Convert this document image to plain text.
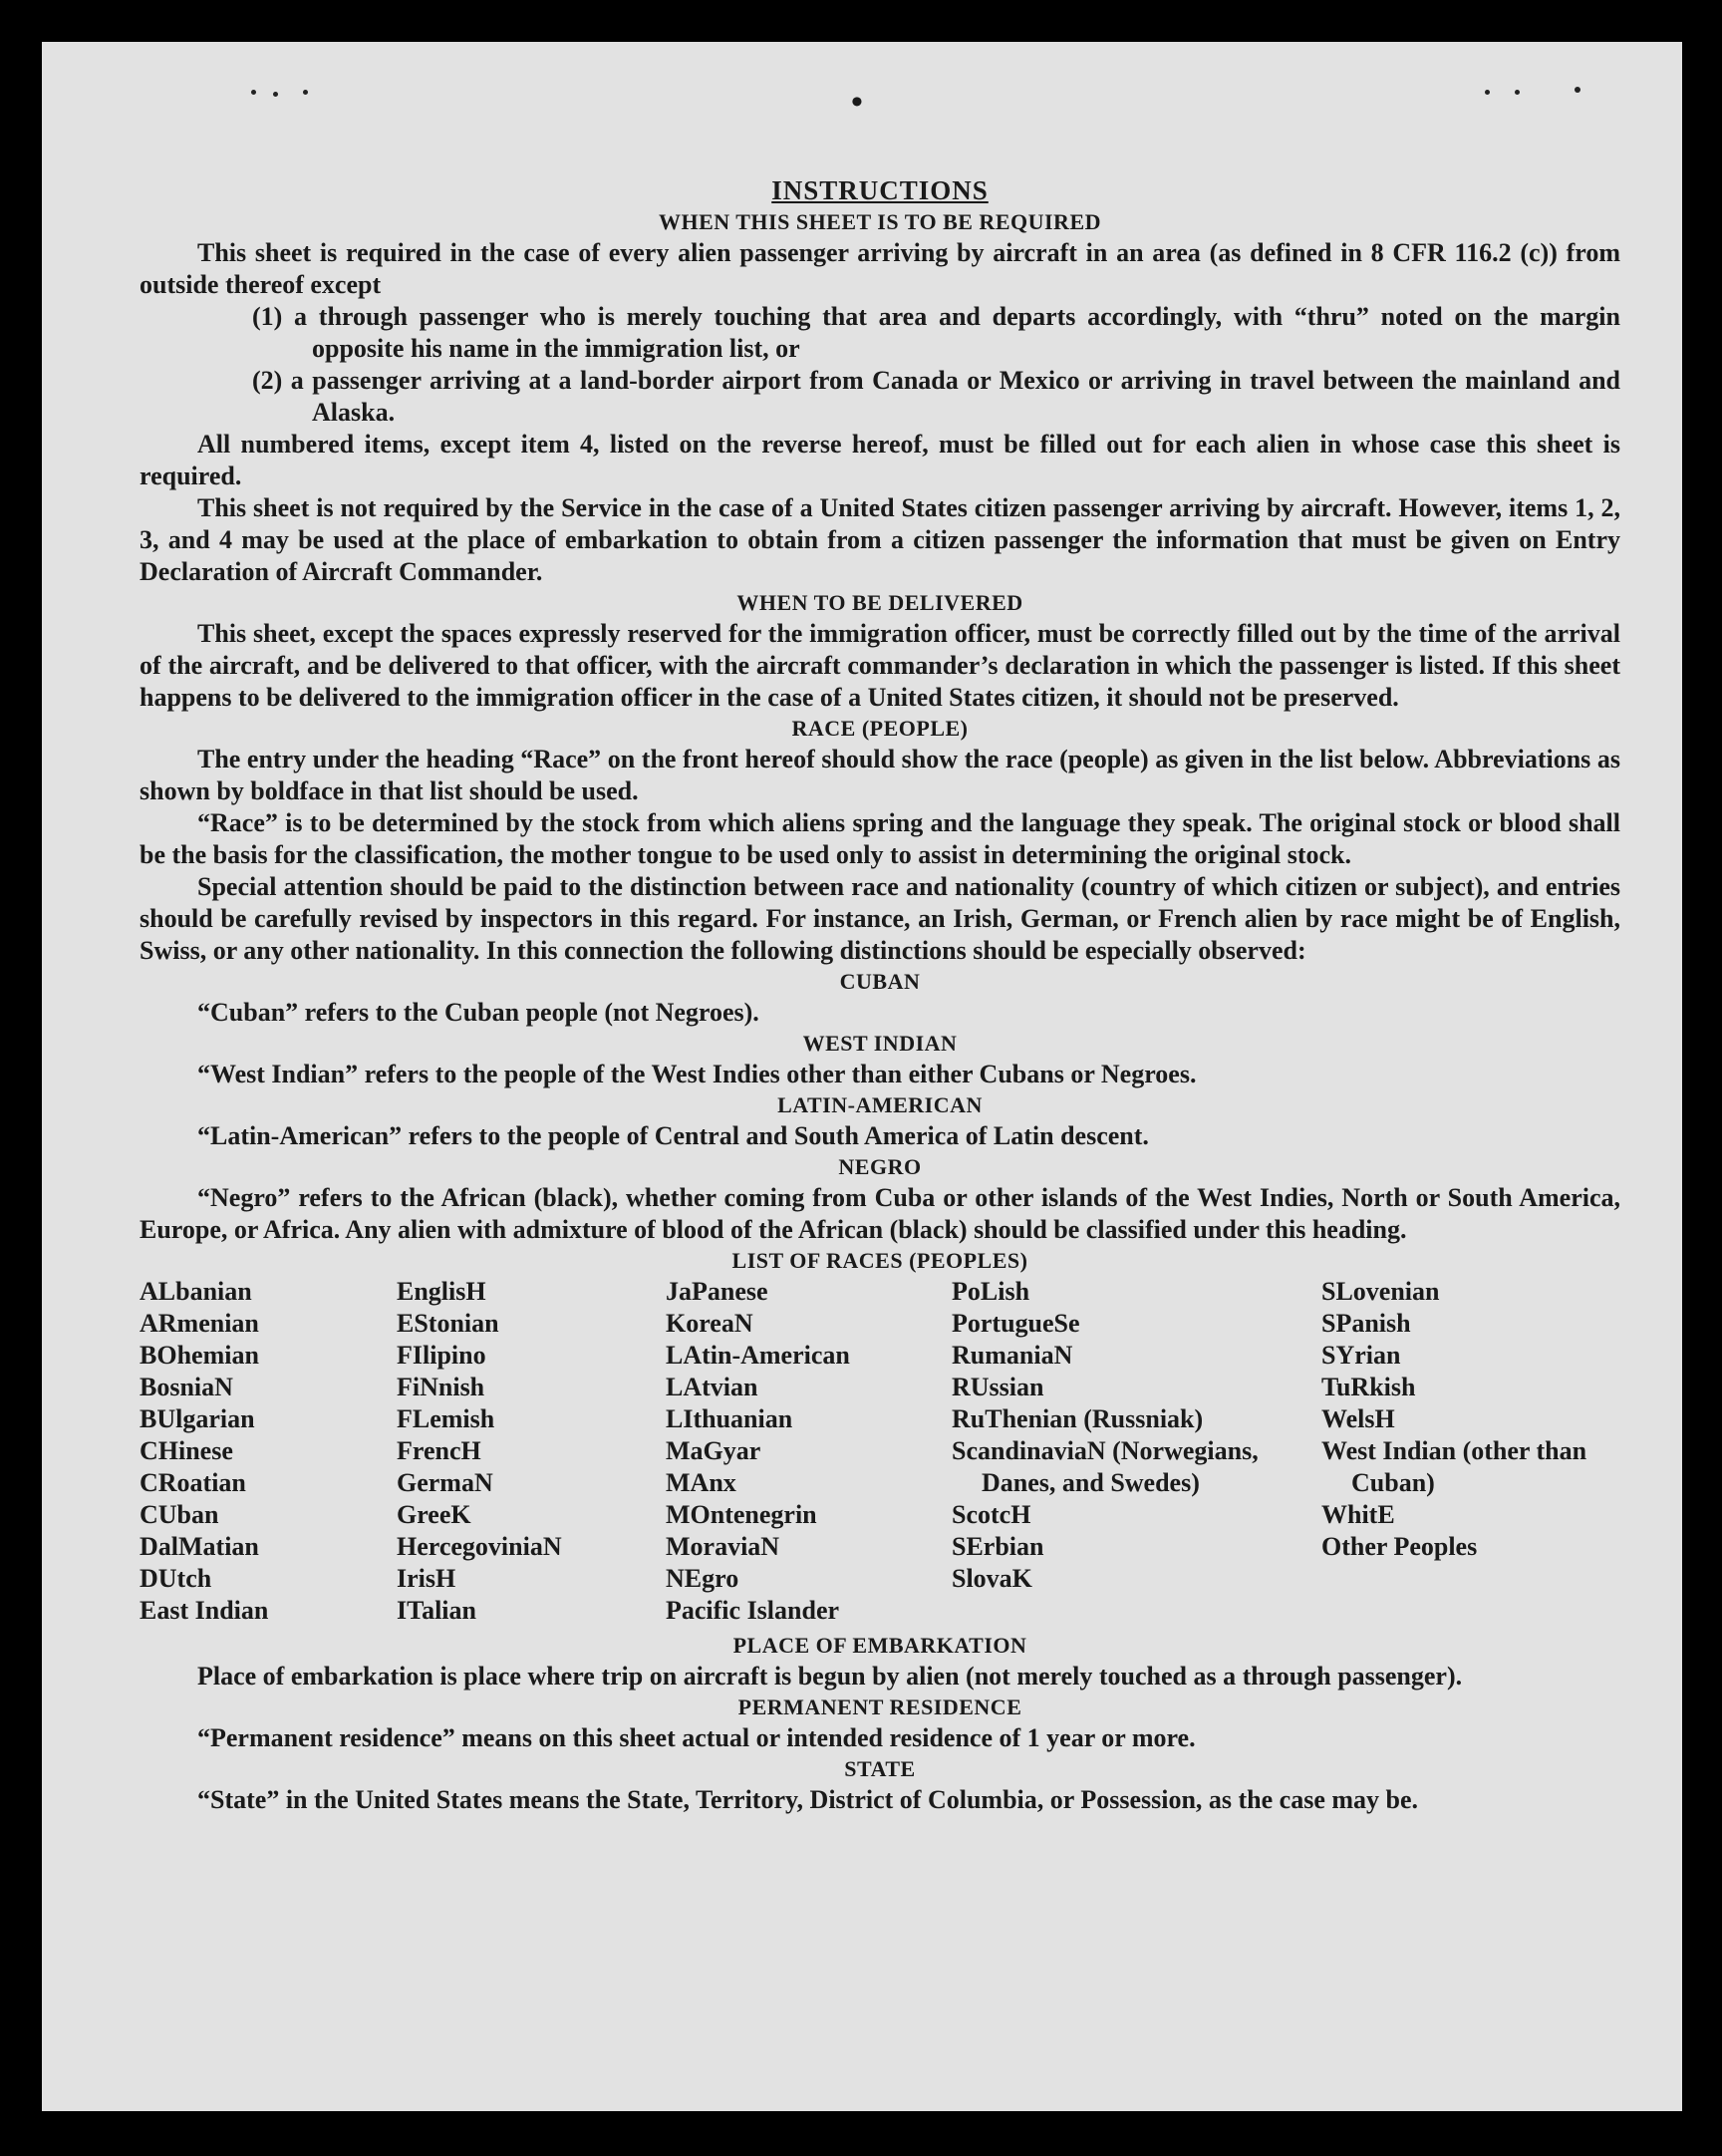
•
INSTRUCTIONS
WHEN THIS SHEET IS TO BE REQUIRED

This sheet is required in the case of every alien passenger arriving by aircraft in an area (as defined in 8 CFR 116.2 (c)) from outside thereof except

(1) a through passenger who is merely touching that area and departs accordingly, with “thru” noted on the margin opposite his name in the immigration list, or

(2) a passenger arriving at a land-border airport from Canada or Mexico or arriving in travel between the mainland and Alaska.

All numbered items, except item 4, listed on the reverse hereof, must be filled out for each alien in whose case this sheet is required.

This sheet is not required by the Service in the case of a United States citizen passenger arriving by aircraft. However, items 1, 2, 3, and 4 may be used at the place of embarkation to obtain from a citizen passenger the information that must be given on Entry Declaration of Aircraft Commander.

WHEN TO BE DELIVERED

This sheet, except the spaces expressly reserved for the immigration officer, must be correctly filled out by the time of the arrival of the aircraft, and be delivered to that officer, with the aircraft commander’s declaration in which the passenger is listed. If this sheet happens to be delivered to the immigration officer in the case of a United States citizen, it should not be preserved.

RACE (PEOPLE)

The entry under the heading “Race” on the front hereof should show the race (people) as given in the list below. Abbreviations as shown by boldface in that list should be used.

“Race” is to be determined by the stock from which aliens spring and the language they speak. The original stock or blood shall be the basis for the classification, the mother tongue to be used only to assist in determining the original stock.

Special attention should be paid to the distinction between race and nationality (country of which citizen or subject), and entries should be carefully revised by inspectors in this regard. For instance, an Irish, German, or French alien by race might be of English, Swiss, or any other nationality. In this connection the following distinctions should be especially observed:

CUBAN

“Cuban” refers to the Cuban people (not Negroes).

WEST INDIAN

“West Indian” refers to the people of the West Indies other than either Cubans or Negroes.

LATIN-AMERICAN

“Latin-American” refers to the people of Central and South America of Latin descent.

NEGRO

“Negro” refers to the African (black), whether coming from Cuba or other islands of the West Indies, North or South America, Europe, or Africa. Any alien with admixture of blood of the African (black) should be classified under this heading.

LIST OF RACES (PEOPLES)
ALbanian
ARmenian
BOhemian
BosniaN
BUlgarian
CHinese
CRoatian
CUban
DalMatian
DUtch
East Indian
EnglisH
EStonian
FIlipino
FiNnish
FLemish
FrencH
GermaN
GreeK
HercegoviniaN
IrisH
ITalian
JaPanese
KoreaN
LAtin-American
LAtvian
LIthuanian
MaGyar
MAnx
MOntenegrin
MoraviaN
NEgro
Pacific Islander
PoLish
PortugueSe
RumaniaN
RUssian
RuThenian (Russniak)
ScandinaviaN (Norwegians, Danes, and Swedes)
ScotcH
SErbian
SlovaK
SLovenian
SPanish
SYrian
TuRkish
WelsH
West Indian (other than Cuban)
WhitE
Other Peoples
PLACE OF EMBARKATION

Place of embarkation is place where trip on aircraft is begun by alien (not merely touched as a through passenger).

PERMANENT RESIDENCE

“Permanent residence” means on this sheet actual or intended residence of 1 year or more.

STATE

“State” in the United States means the State, Territory, District of Columbia, or Possession, as the case may be.
